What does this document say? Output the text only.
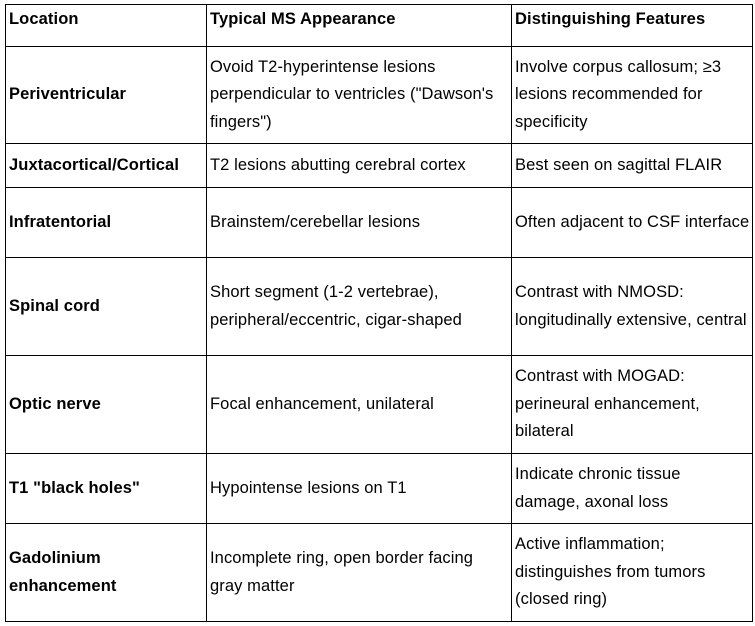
Location	Typical MS Appearance	Distinguishing Features
Periventricular	Ovoid T2-hyperintense lesions perpendicular to ventricles ("Dawson's fingers")	Involve corpus callosum; ≥3 lesions recommended for specificity
Juxtacortical/Cortical	T2 lesions abutting cerebral cortex	Best seen on sagittal FLAIR
Infratentorial	Brainstem/cerebellar lesions	Often adjacent to CSF interface
Spinal cord	Short segment (1-2 vertebrae), peripheral/eccentric, cigar-shaped	Contrast with NMOSD: longitudinally extensive, central
Optic nerve	Focal enhancement, unilateral	Contrast with MOGAD: perineural enhancement, bilateral
T1 "black holes"	Hypointense lesions on T1	Indicate chronic tissue damage, axonal loss
Gadolinium enhancement	Incomplete ring, open border facing gray matter	Active inflammation; distinguishes from tumors (closed ring)
